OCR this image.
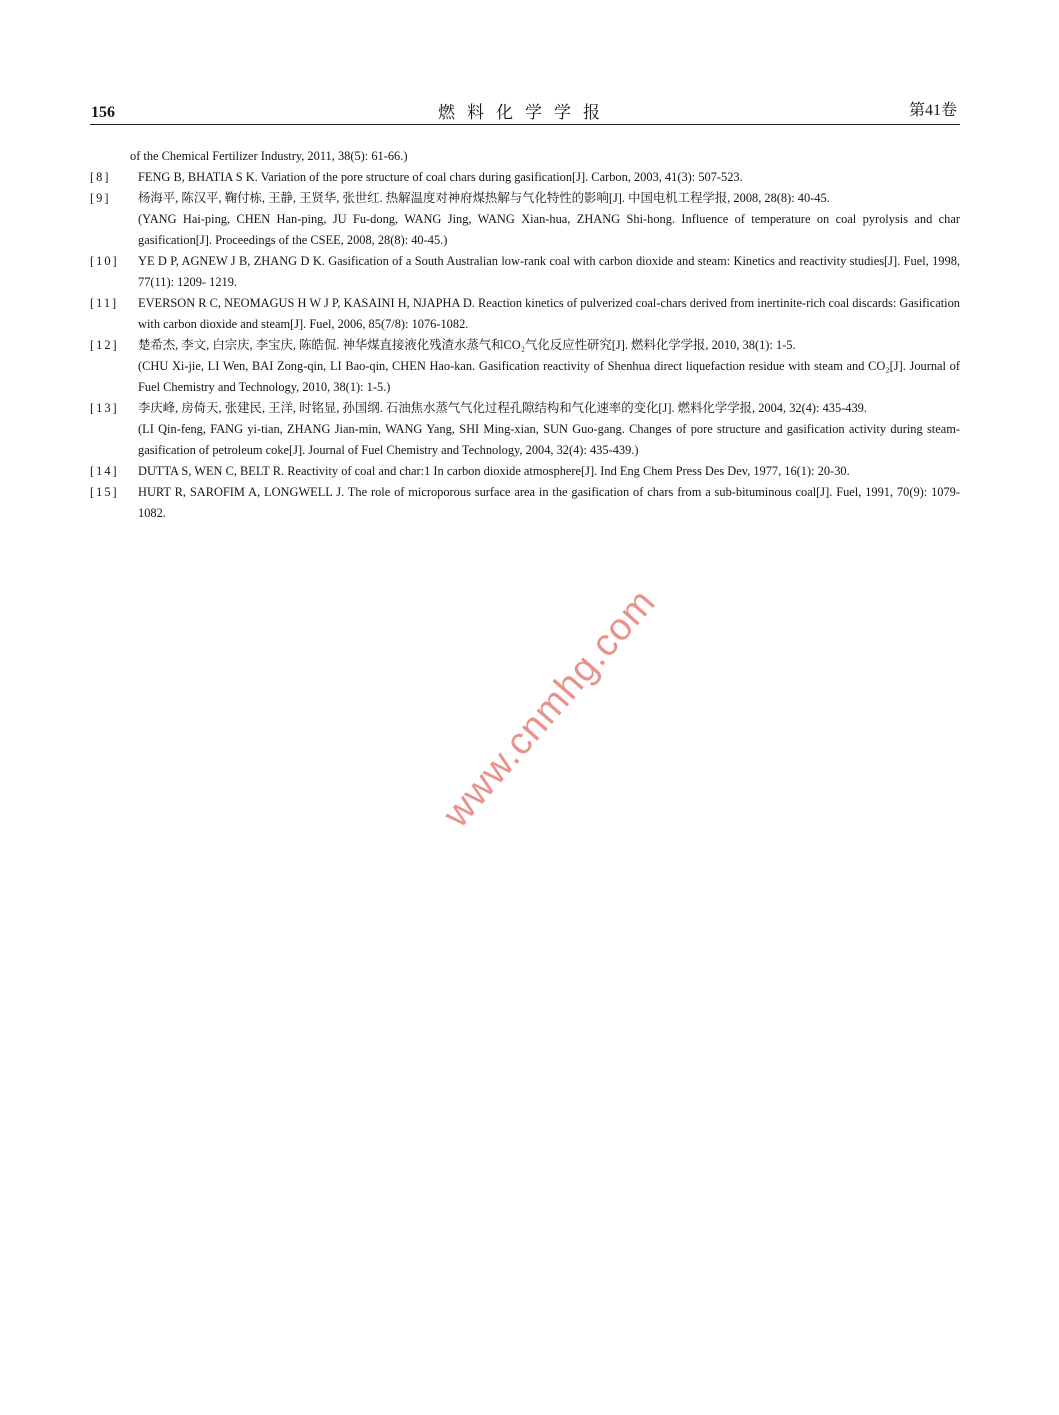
156	燃料化学学报	第41卷
of the Chemical Fertilizer Industry, 2011, 38(5): 61-66.)
[8]	FENG B, BHATIA S K. Variation of the pore structure of coal chars during gasification[J]. Carbon, 2003, 41(3): 507-523.
[9]	杨海平, 陈汉平, 鞠付栋, 王静, 王贤华, 张世红. 热解温度对神府煤热解与气化特性的影响[J]. 中国电机工程学报, 2008, 28(8): 40-45.
(YANG Hai-ping, CHEN Han-ping, JU Fu-dong, WANG Jing, WANG Xian-hua, ZHANG Shi-hong. Influence of temperature on coal pyrolysis and char gasification[J]. Proceedings of the CSEE, 2008, 28(8): 40-45.)
[10]	YE D P, AGNEW J B, ZHANG D K. Gasification of a South Australian low-rank coal with carbon dioxide and steam: Kinetics and reactivity studies[J]. Fuel, 1998, 77(11): 1209- 1219.
[11]	EVERSON R C, NEOMAGUS H W J P, KASAINI H, NJAPHA D. Reaction kinetics of pulverized coal-chars derived from inertinite-rich coal discards: Gasification with carbon dioxide and steam[J]. Fuel, 2006, 85(7/8): 1076-1082.
[12]	楚希杰, 李文, 白宗庆, 李宝庆, 陈皓侃. 神华煤直接液化残渣水蒸气和CO₂气化反应性研究[J]. 燃料化学学报, 2010, 38(1): 1-5.
(CHU Xi-jie, LI Wen, BAI Zong-qin, LI Bao-qin, CHEN Hao-kan. Gasification reactivity of Shenhua direct liquefaction residue with steam and CO₂[J]. Journal of Fuel Chemistry and Technology, 2010, 38(1): 1-5.)
[13]	李庆峰, 房倚天, 张建民, 王洋, 时铭显, 孙国纲. 石油焦水蒸气气化过程孔隙结构和气化速率的变化[J]. 燃料化学学报, 2004, 32(4): 435-439.
(LI Qin-feng, FANG yi-tian, ZHANG Jian-min, WANG Yang, SHI Ming-xian, SUN Guo-gang. Changes of pore structure and gasification activity during steam-gasification of petroleum coke[J]. Journal of Fuel Chemistry and Technology, 2004, 32(4): 435-439.)
[14]	DUTTA S, WEN C, BELT R. Reactivity of coal and char:1 In carbon dioxide atmosphere[J]. Ind Eng Chem Press Des Dev, 1977, 16(1): 20-30.
[15]	HURT R, SAROFIM A, LONGWELL J. The role of microporous surface area in the gasification of chars from a sub-bituminous coal[J]. Fuel, 1991, 70(9): 1079-1082.
www.cnmhg.com
